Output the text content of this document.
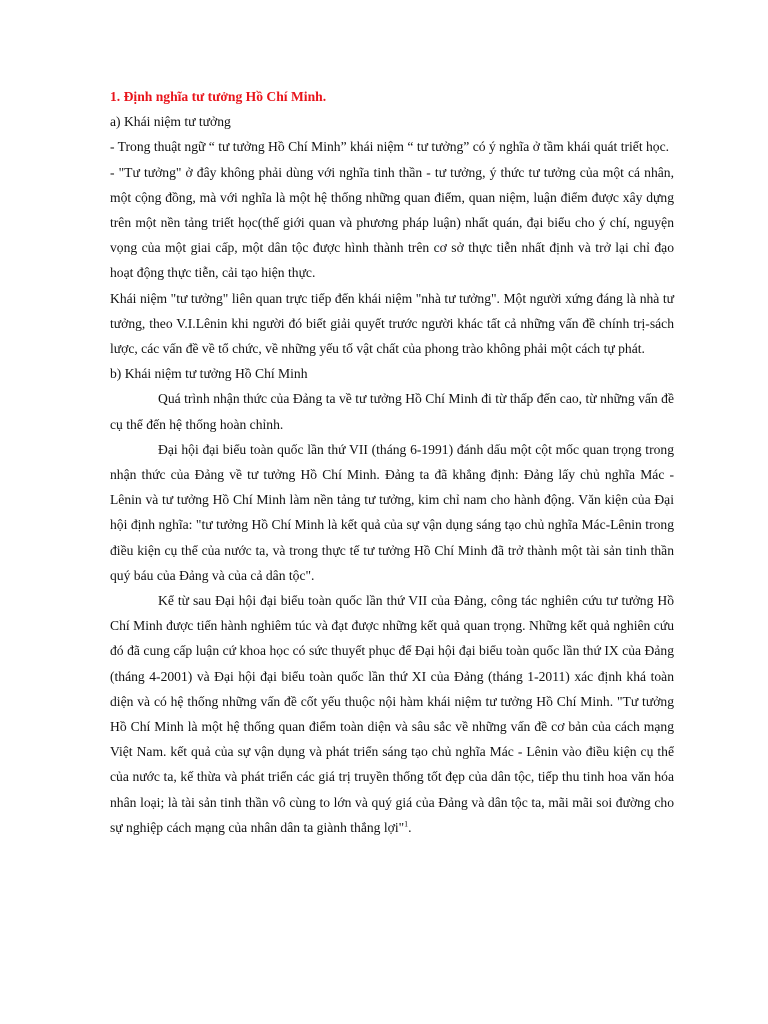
1. Định nghĩa tư tưởng Hồ Chí Minh.

a) Khái niệm tư tưởng

- Trong thuật ngữ “ tư tưởng Hồ Chí Minh” khái niệm “ tư tưởng” có ý nghĩa ở tầm khái quát triết học.

- "Tư tưởng" ở đây không phải dùng với nghĩa tinh thần - tư tưởng, ý thức tư tưởng của một cá nhân, một cộng đồng, mà với nghĩa là một hệ thống những quan điểm, quan niệm, luận điểm được xây dựng trên một nền tảng triết học(thế giới quan và phương pháp luận) nhất quán, đại biểu cho ý chí, nguyện vọng của một giai cấp, một dân tộc được hình thành trên cơ sở thực tiễn nhất định và trở lại chỉ đạo hoạt động thực tiễn, cải tạo hiện thực.

Khái niệm "tư tưởng" liên quan trực tiếp đến khái niệm "nhà tư tưởng". Một người xứng đáng là nhà tư tưởng, theo V.I.Lênin khi người đó biết giải quyết trước người khác tất cả những vấn đề chính trị-sách lược, các vấn đề về tổ chức, về những yếu tố vật chất của phong trào không phải một cách tự phát.

b) Khái niệm tư tưởng Hồ Chí Minh

Quá trình nhận thức của Đảng ta về tư tưởng Hồ Chí Minh đi từ thấp đến cao, từ những vấn đề cụ thể đến hệ thống hoàn chỉnh.

Đại hội đại biểu toàn quốc lần thứ VII (tháng 6-1991) đánh dấu một cột mốc quan trọng trong nhận thức của Đảng về tư tưởng Hồ Chí Minh. Đảng ta đã khẳng định: Đảng lấy chủ nghĩa Mác - Lênin và tư tưởng Hồ Chí Minh làm nền tảng tư tưởng, kim chỉ nam cho hành động. Văn kiện của Đại hội định nghĩa: "tư tưởng Hồ Chí Minh là kết quả của sự vận dụng sáng tạo chủ nghĩa Mác-Lênin trong điều kiện cụ thể của nước ta, và trong thực tế tư tưởng Hồ Chí Minh đã trở thành một tài sản tinh thần quý báu của Đảng và của cả dân tộc".

Kể từ sau Đại hội đại biểu toàn quốc lần thứ VII của Đảng, công tác nghiên cứu tư tưởng Hồ Chí Minh được tiến hành nghiêm túc và đạt được những kết quả quan trọng. Những kết quả nghiên cứu đó đã cung cấp luận cứ khoa học có sức thuyết phục để Đại hội đại biểu toàn quốc lần thứ IX của Đảng (tháng 4-2001) và Đại hội đại biểu toàn quốc lần thứ XI của Đảng (tháng 1-2011) xác định khá toàn diện và có hệ thống những vấn đề cốt yếu thuộc nội hàm khái niệm tư tưởng Hồ Chí Minh. "Tư tưởng Hồ Chí Minh là một hệ thống quan điểm toàn diện và sâu sắc về những vấn đề cơ bản của cách mạng Việt Nam. kết quả của sự vận dụng và phát triển sáng tạo chủ nghĩa Mác - Lênin vào điều kiện cụ thể của nước ta, kế thừa và phát triển các giá trị truyền thống tốt đẹp của dân tộc, tiếp thu tinh hoa văn hóa nhân loại; là tài sản tinh thần vô cùng to lớn và quý giá của Đảng và dân tộc ta, mãi mãi soi đường cho sự nghiệp cách mạng của nhân dân ta giành thắng lợi"$^1$.
